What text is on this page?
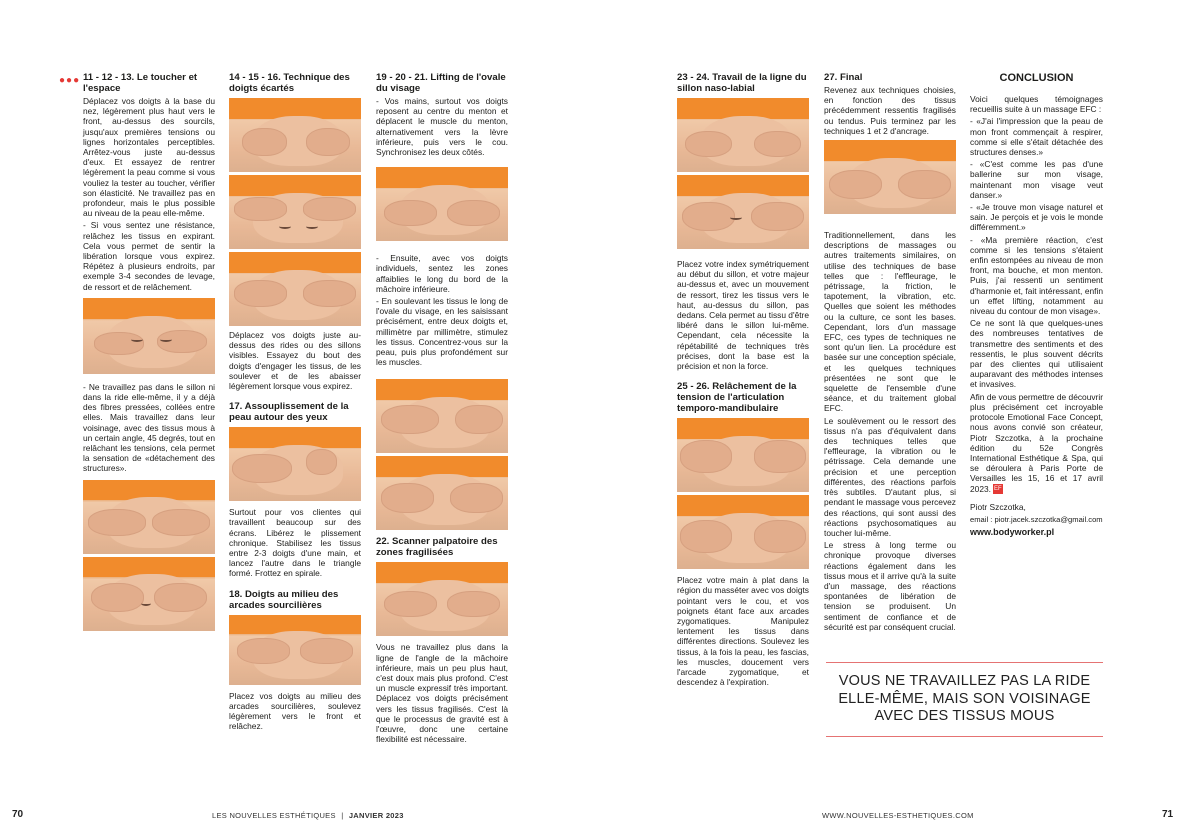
●●● 11 - 12 - 13. Le toucher et l'espace
Déplacez vos doigts à la base du nez, légèrement plus haut vers le front, au-dessus des sourcils, jusqu'aux premières tensions ou lignes horizontales perceptibles. Arrêtez-vous juste au-dessus d'eux. Et essayez de rentrer légèrement la peau comme si vous vouliez la tester au toucher, vérifier son élasticité. Ne travaillez pas en profondeur, mais le plus possible au niveau de la peau elle-même.
- Si vous sentez une résistance, relâchez les tissus en expirant. Cela vous permet de sentir la libération lorsque vous expirez. Répétez à plusieurs endroits, par exemple 3-4 secondes de levage, de ressort et de relâchement.
- Ne travaillez pas dans le sillon ni dans la ride elle-même, il y a déjà des fibres pressées, collées entre elles. Mais travaillez dans leur voisinage, avec des tissus mous à un certain angle, 45 degrés, tout en relâchant les tensions, cela permet la sensation de «détachement des structures».
14 - 15 - 16. Technique des doigts écartés
Déplacez vos doigts juste au-dessus des rides ou des sillons visibles. Essayez du bout des doigts d'engager les tissus, de les soulever et de les abaisser légèrement lorsque vous expirez.
17. Assouplissement de la peau autour des yeux
Surtout pour vos clientes qui travaillent beaucoup sur des écrans. Libérez le plissement chronique. Stabilisez les tissus entre 2-3 doigts d'une main, et lancez l'autre dans le triangle formé. Frottez en spirale.
18. Doigts au milieu des arcades sourcilières
Placez vos doigts au milieu des arcades sourcilières, soulevez légèrement vers le front et relâchez.
19 - 20 - 21. Lifting de l'ovale du visage
- Vos mains, surtout vos doigts reposent au centre du menton et déplacent le muscle du menton, alternativement vers la lèvre inférieure, puis vers le cou. Synchronisez les deux côtés.
- Ensuite, avec vos doigts individuels, sentez les zones affaiblies le long du bord de la mâchoire inférieure.
- En soulevant les tissus le long de l'ovale du visage, en les saisissant précisément, entre deux doigts et, millimètre par millimètre, stimulez les tissus. Concentrez-vous sur la peau, puis plus profondément sur les muscles.
22. Scanner palpatoire des zones fragilisées
Vous ne travaillez plus dans la ligne de l'angle de la mâchoire inférieure, mais un peu plus haut, c'est doux mais plus profond. C'est un muscle expressif très important. Déplacez vos doigts précisément vers les tissus fragilisés. C'est là que le processus de gravité est à l'œuvre, donc une certaine flexibilité est nécessaire.
70	LES NOUVELLES ESTHÉTIQUES | JANVIER 2023
23 - 24. Travail de la ligne du sillon naso-labial
Placez votre index symétriquement au début du sillon, et votre majeur au-dessus et, avec un mouvement de ressort, tirez les tissus vers le haut, au-dessus du sillon, pas dedans. Cela permet au tissu d'être libéré dans le sillon lui-même. Cependant, cela nécessite la répétabilité de techniques très précises, dont la base est la précision et non la force.
25 - 26. Relâchement de la tension de l'articulation temporo-mandibulaire
Placez votre main à plat dans la région du masséter avec vos doigts pointant vers le cou, et vos poignets étant face aux arcades zygomatiques. Manipulez lentement les tissus dans différentes directions. Soulevez les tissus, à la fois la peau, les fascias, les muscles, doucement vers l'arcade zygomatique, et descendez à l'expiration.
27. Final
Revenez aux techniques choisies, en fonction des tissus précédemment ressentis fragilisés ou tendus. Puis terminez par les techniques 1 et 2 d'ancrage.
Traditionnellement, dans les descriptions de massages ou autres traitements similaires, on utilise des techniques de base telles que : l'effleurage, le pétrissage, la friction, le tapotement, la vibration, etc. Quelles que soient les méthodes ou la culture, ce sont les bases. Cependant, lors d'un massage EFC, ces types de techniques ne sont qu'un lien. La procédure est basée sur une conception spéciale, et les quelques techniques présentées ne sont que le squelette de l'ensemble d'une séance, et du traitement global EFC.
Le soulèvement ou le ressort des tissus n'a pas d'équivalent dans des techniques telles que l'effleurage, la vibration ou le pétrissage. Cela demande une précision et une perception différentes, des réactions parfois très subtiles. D'autant plus, si pendant le massage vous percevez des réactions, qui sont aussi des réactions psychosomatiques au toucher lui-même.
Le stress à long terme ou chronique provoque diverses réactions également dans les tissus mous et il arrive qu'à la suite d'un massage, des réactions spontanées de libération de tension se produisent. Un sentiment de confiance et de sécurité est par conséquent crucial.
CONCLUSION
Voici quelques témoignages recueillis suite à un massage EFC :
- «J'ai l'impression que la peau de mon front commençait à respirer, comme si elle s'était détachée des structures denses.»
- «C'est comme les pas d'une ballerine sur mon visage, maintenant mon visage veut danser.»
- «Je trouve mon visage naturel et sain. Je perçois et je vois le monde différemment.»
- «Ma première réaction, c'est comme si les tensions s'étaient enfin estompées au niveau de mon front, ma bouche, et mon menton. Puis, j'ai ressenti un sentiment d'harmonie et, fait intéressant, enfin un effet lifting, notamment au niveau du contour de mon visage».
Ce ne sont là que quelques-unes des nombreuses tentatives de transmettre des sentiments et des ressentis, le plus souvent décrits par des clientes qui utilisaient auparavant des méthodes intenses et invasives.
Afin de vous permettre de découvrir plus précisément cet incroyable protocole Emotional Face Concept, nous avons convié son créateur, Piotr Szczotka, à la prochaine édition du 52e Congrès International Esthétique & Spa, qui se déroulera à Paris Porte de Versailles les 15, 16 et 17 avril 2023. EF
Piotr Szczotka,
email : piotr.jacek.szczotka@gmail.com
www.bodyworker.pl
VOUS NE TRAVAILLEZ PAS LA RIDE ELLE-MÊME, MAIS SON VOISINAGE AVEC DES TISSUS MOUS
WWW.NOUVELLES-ESTHETIQUES.COM	71
